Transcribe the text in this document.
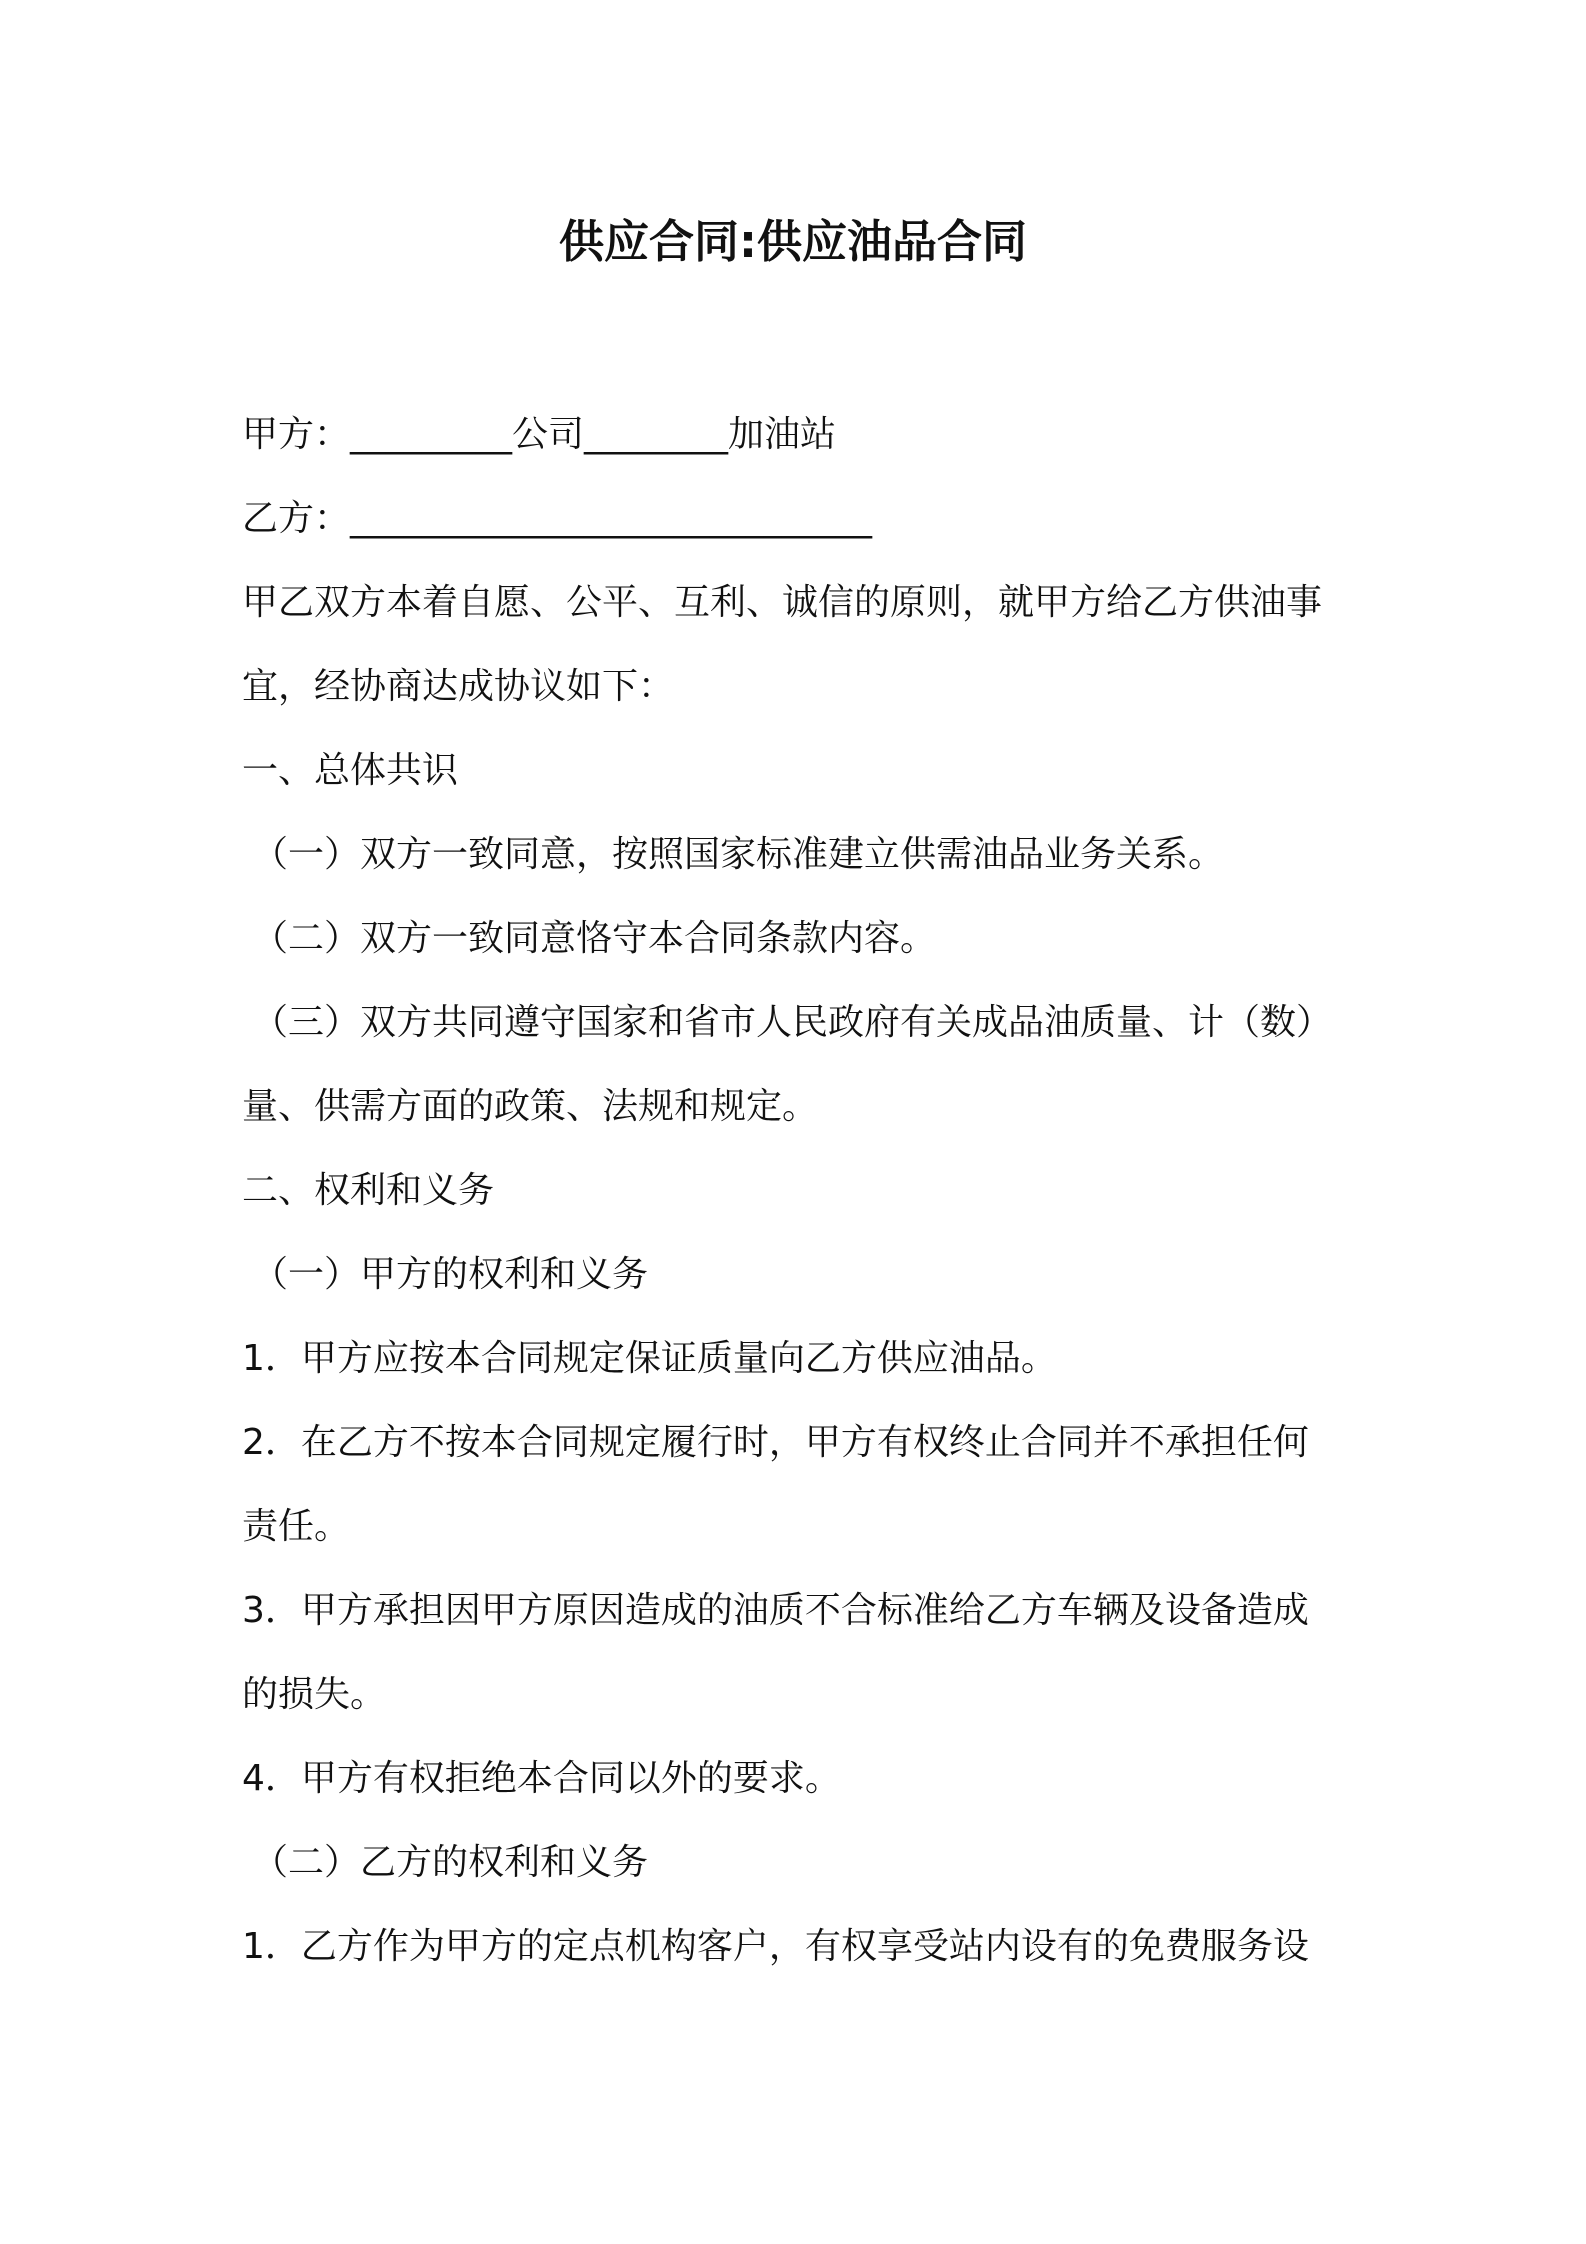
供应合同:供应油品合同
甲方：_________公司________加油站
乙方：_____________________________
甲乙双方本着自愿、公平、互利、诚信的原则，就甲方给乙方供油事
宜，经协商达成协议如下：
一、总体共识
（一）双方一致同意，按照国家标准建立供需油品业务关系。
（二）双方一致同意恪守本合同条款内容。
（三）双方共同遵守国家和省市人民政府有关成品油质量、计（数）
量、供需方面的政策、法规和规定。
二、权利和义务
（一）甲方的权利和义务
1．甲方应按本合同规定保证质量向乙方供应油品。
2．在乙方不按本合同规定履行时，甲方有权终止合同并不承担任何
责任。
3．甲方承担因甲方原因造成的油质不合标准给乙方车辆及设备造成
的损失。
4．甲方有权拒绝本合同以外的要求。
（二）乙方的权利和义务
1．乙方作为甲方的定点机构客户，有权享受站内设有的免费服务设
